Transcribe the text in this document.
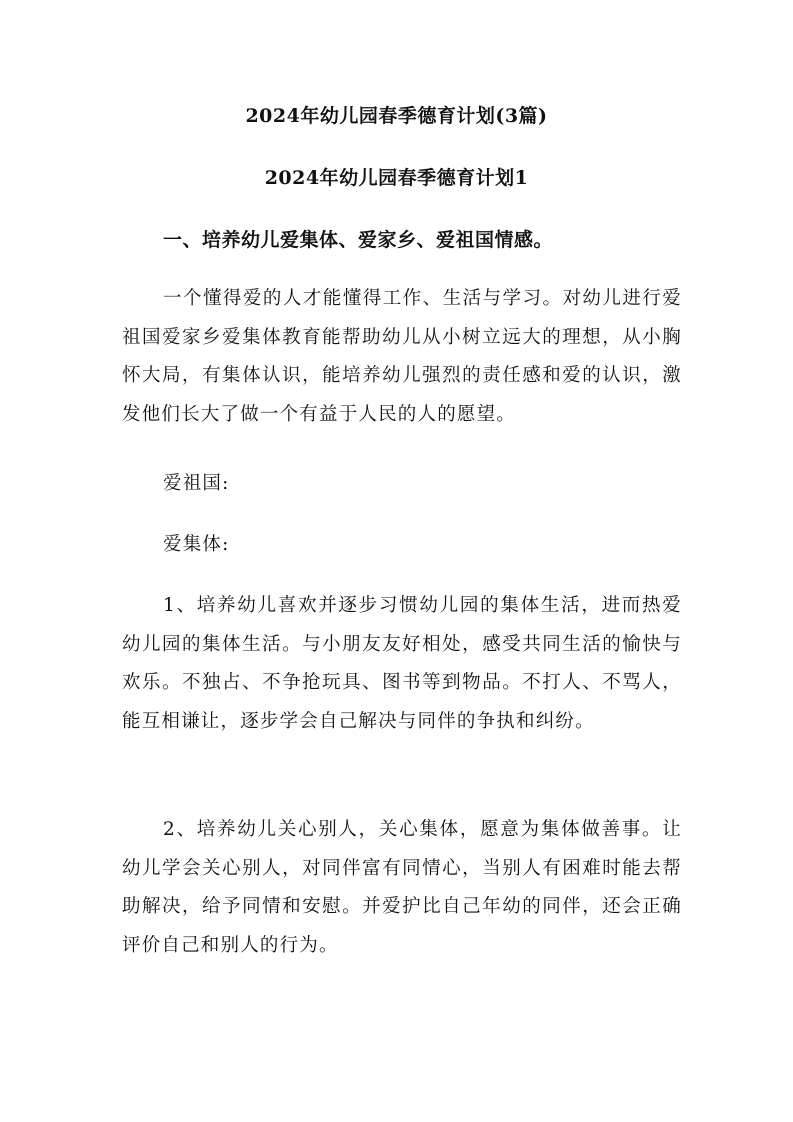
2024年幼儿园春季德育计划(3篇)
2024年幼儿园春季德育计划1
一、培养幼儿爱集体、爱家乡、爱祖国情感。

一个懂得爱的人才能懂得工作、生活与学习。对幼儿进行爱祖国爱家乡爱集体教育能帮助幼儿从小树立远大的理想，从小胸怀大局，有集体认识，能培养幼儿强烈的责任感和爱的认识，激发他们长大了做一个有益于人民的人的愿望。

爱祖国:

爱集体:

1、培养幼儿喜欢并逐步习惯幼儿园的集体生活，进而热爱幼儿园的集体生活。与小朋友友好相处，感受共同生活的愉快与欢乐。不独占、不争抢玩具、图书等到物品。不打人、不骂人，能互相谦让，逐步学会自己解决与同伴的争执和纠纷。

2、培养幼儿关心别人，关心集体，愿意为集体做善事。让幼儿学会关心别人，对同伴富有同情心，当别人有困难时能去帮助解决，给予同情和安慰。并爱护比自己年幼的同伴，还会正确评价自己和别人的行为。
